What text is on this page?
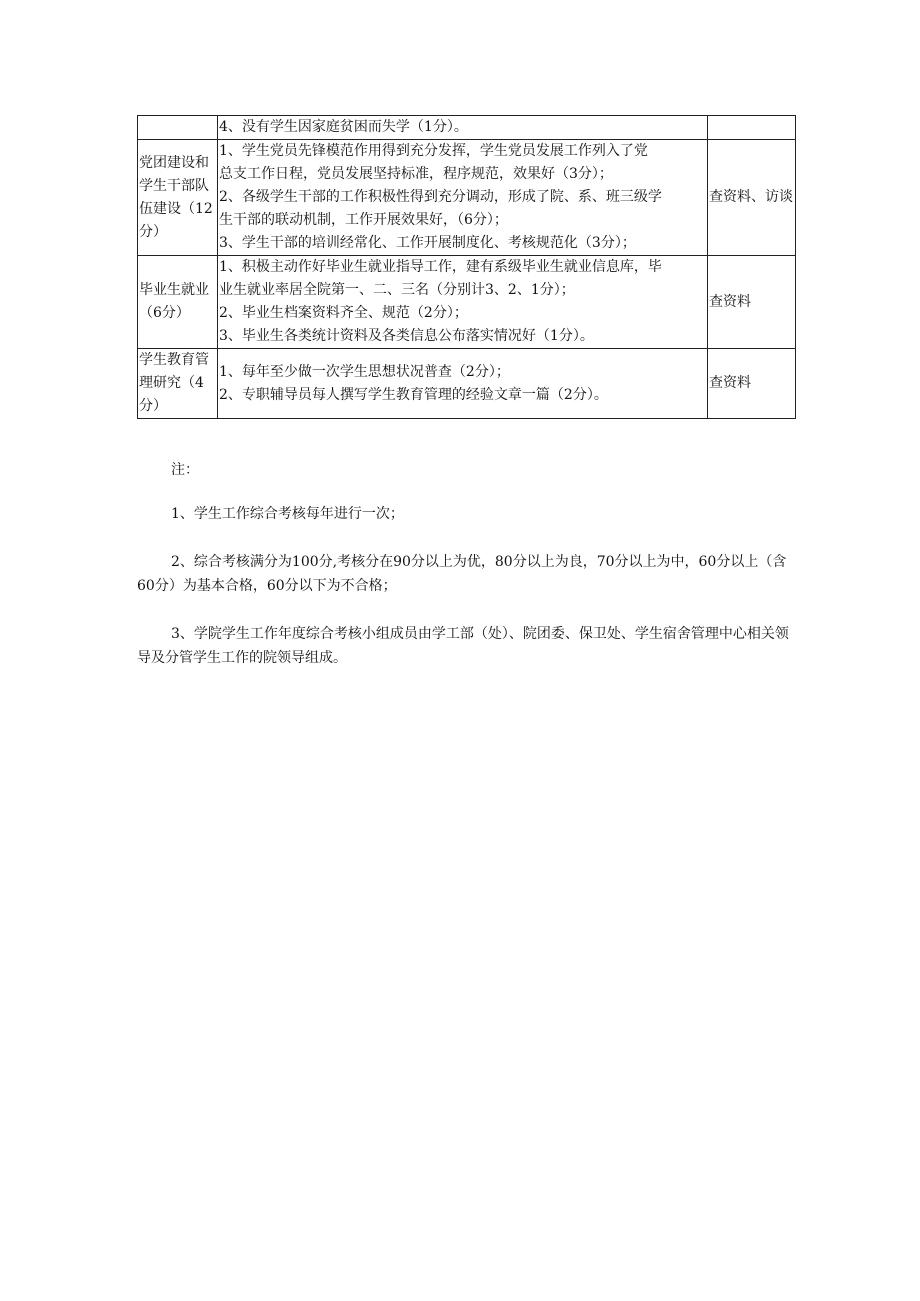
	4、没有学生因家庭贫困而失学（1分）。	

党团建设和学生干部队伍建设（12分）	1、学生党员先锋模范作用得到充分发挥，学生党员发展工作列入了党
总支工作日程，党员发展坚持标准，程序规范，效果好（3分）；
2、各级学生干部的工作积极性得到充分调动，形成了院、系、班三级学
生干部的联动机制，工作开展效果好，（6分）；
3、学生干部的培训经常化、工作开展制度化、考核规范化（3分）；	查资料、访谈
毕业生就业（6分）	1、积极主动作好毕业生就业指导工作，建有系级毕业生就业信息库，毕
业生就业率居全院第一、二、三名（分别计3、2、1分）；
2、毕业生档案资料齐全、规范（2分）；
3、毕业生各类统计资料及各类信息公布落实情况好（1分）。	查资料
学生教育管理研究（4分）	1、每年至少做一次学生思想状况普查（2分）；
2、专职辅导员每人撰写学生教育管理的经验文章一篇（2分）。	查资料

注：

1、学生工作综合考核每年进行一次；

2、综合考核满分为100分,考核分在90分以上为优，80分以上为良，70分以上为中，60分以上（含60分）为基本合格，60分以下为不合格；

3、学院学生工作年度综合考核小组成员由学工部（处）、院团委、保卫处、学生宿舍管理中心相关领导及分管学生工作的院领导组成。
